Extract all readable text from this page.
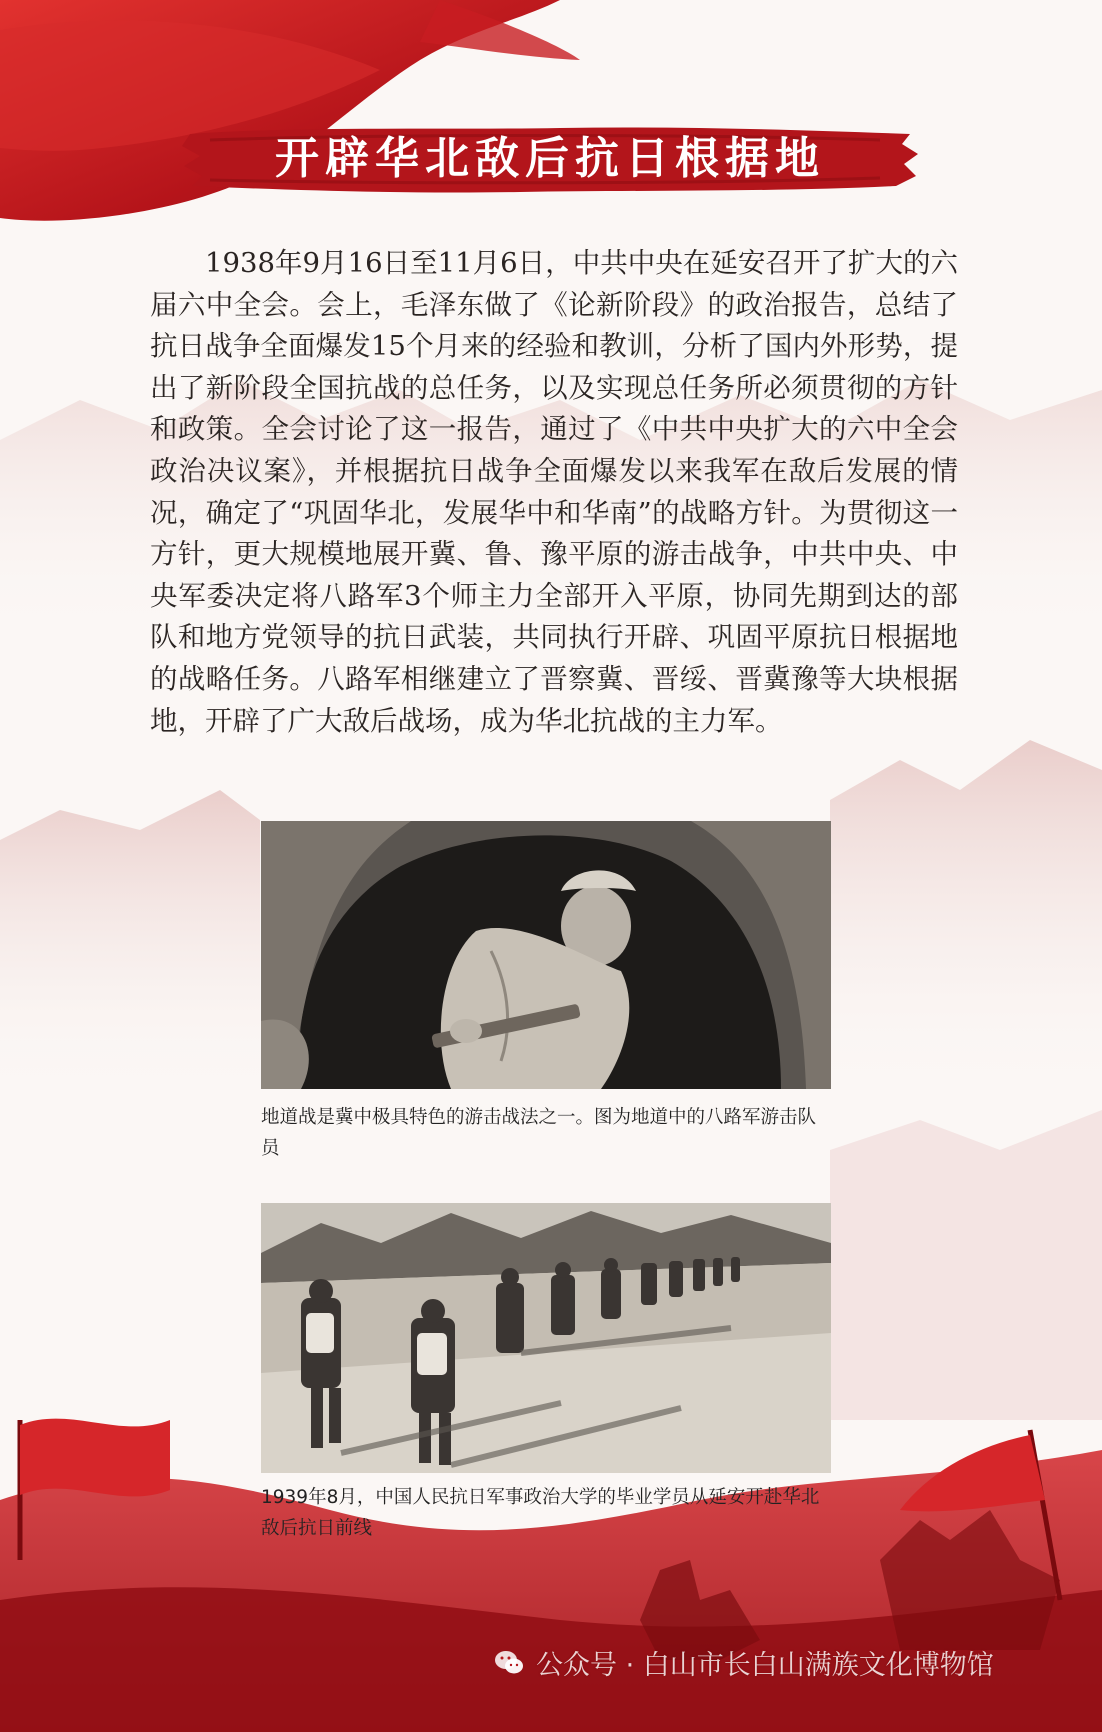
开辟华北敌后抗日根据地

1938年9月16日至11月6日，中共中央在延安召开了扩大的六届六中全会。会上，毛泽东做了《论新阶段》的政治报告，总结了抗日战争全面爆发15个月来的经验和教训，分析了国内外形势，提出了新阶段全国抗战的总任务，以及实现总任务所必须贯彻的方针和政策。全会讨论了这一报告，通过了《中共中央扩大的六中全会政治决议案》，并根据抗日战争全面爆发以来我军在敌后发展的情况，确定了“巩固华北，发展华中和华南”的战略方针。为贯彻这一方针，更大规模地展开冀、鲁、豫平原的游击战争，中共中央、中央军委决定将八路军3个师主力全部开入平原，协同先期到达的部队和地方党领导的抗日武装，共同执行开辟、巩固平原抗日根据地的战略任务。八路军相继建立了晋察冀、晋绥、晋冀豫等大块根据地，开辟了广大敌后战场，成为华北抗战的主力军。

地道战是冀中极具特色的游击战法之一。图为地道中的八路军游击队员

1939年8月，中国人民抗日军事政治大学的毕业学员从延安开赴华北敌后抗日前线

公众号 · 白山市长白山满族文化博物馆
